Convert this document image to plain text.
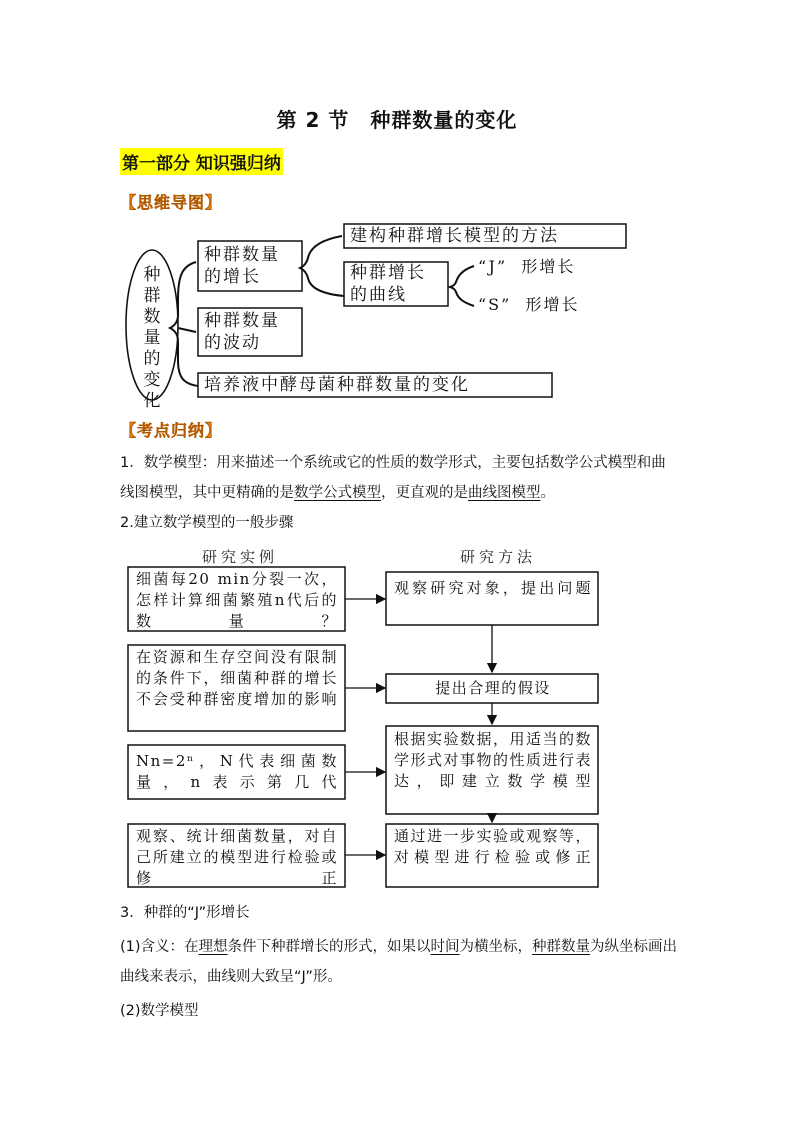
第 2 节　种群数量的变化
第一部分 知识强归纳
【思维导图】
种群数量的变化
种群数量的增长
建构种群增长模型的方法
种群增长的曲线
“J”  形增长
“S”  形增长
种群数量的波动
培养液中酵母菌种群数量的变化
【考点归纳】
1．数学模型：用来描述一个系统或它的性质的数学形式，主要包括数学公式模型和曲线图模型，其中更精确的是数学公式模型，更直观的是曲线图模型。
2.建立数学模型的一般步骤
研究实例	研究方法
细菌每20 min分裂一次，怎样计算细菌繁殖n代后的数量？
在资源和生存空间没有限制的条件下，细菌种群的增长不会受种群密度增加的影响
Nn=2ⁿ，N代表细菌数量，n表示第几代
观察、统计细菌数量，对自己所建立的模型进行检验或修正
观察研究对象，提出问题
提出合理的假设
根据实验数据，用适当的数学形式对事物的性质进行表达，即建立数学模型
通过进一步实验或观察等，对模型进行检验或修正
3．种群的“J”形增长
(1)含义：在理想条件下种群增长的形式，如果以时间为横坐标，种群数量为纵坐标画出曲线来表示，曲线则大致呈“J”形。
(2)数学模型
